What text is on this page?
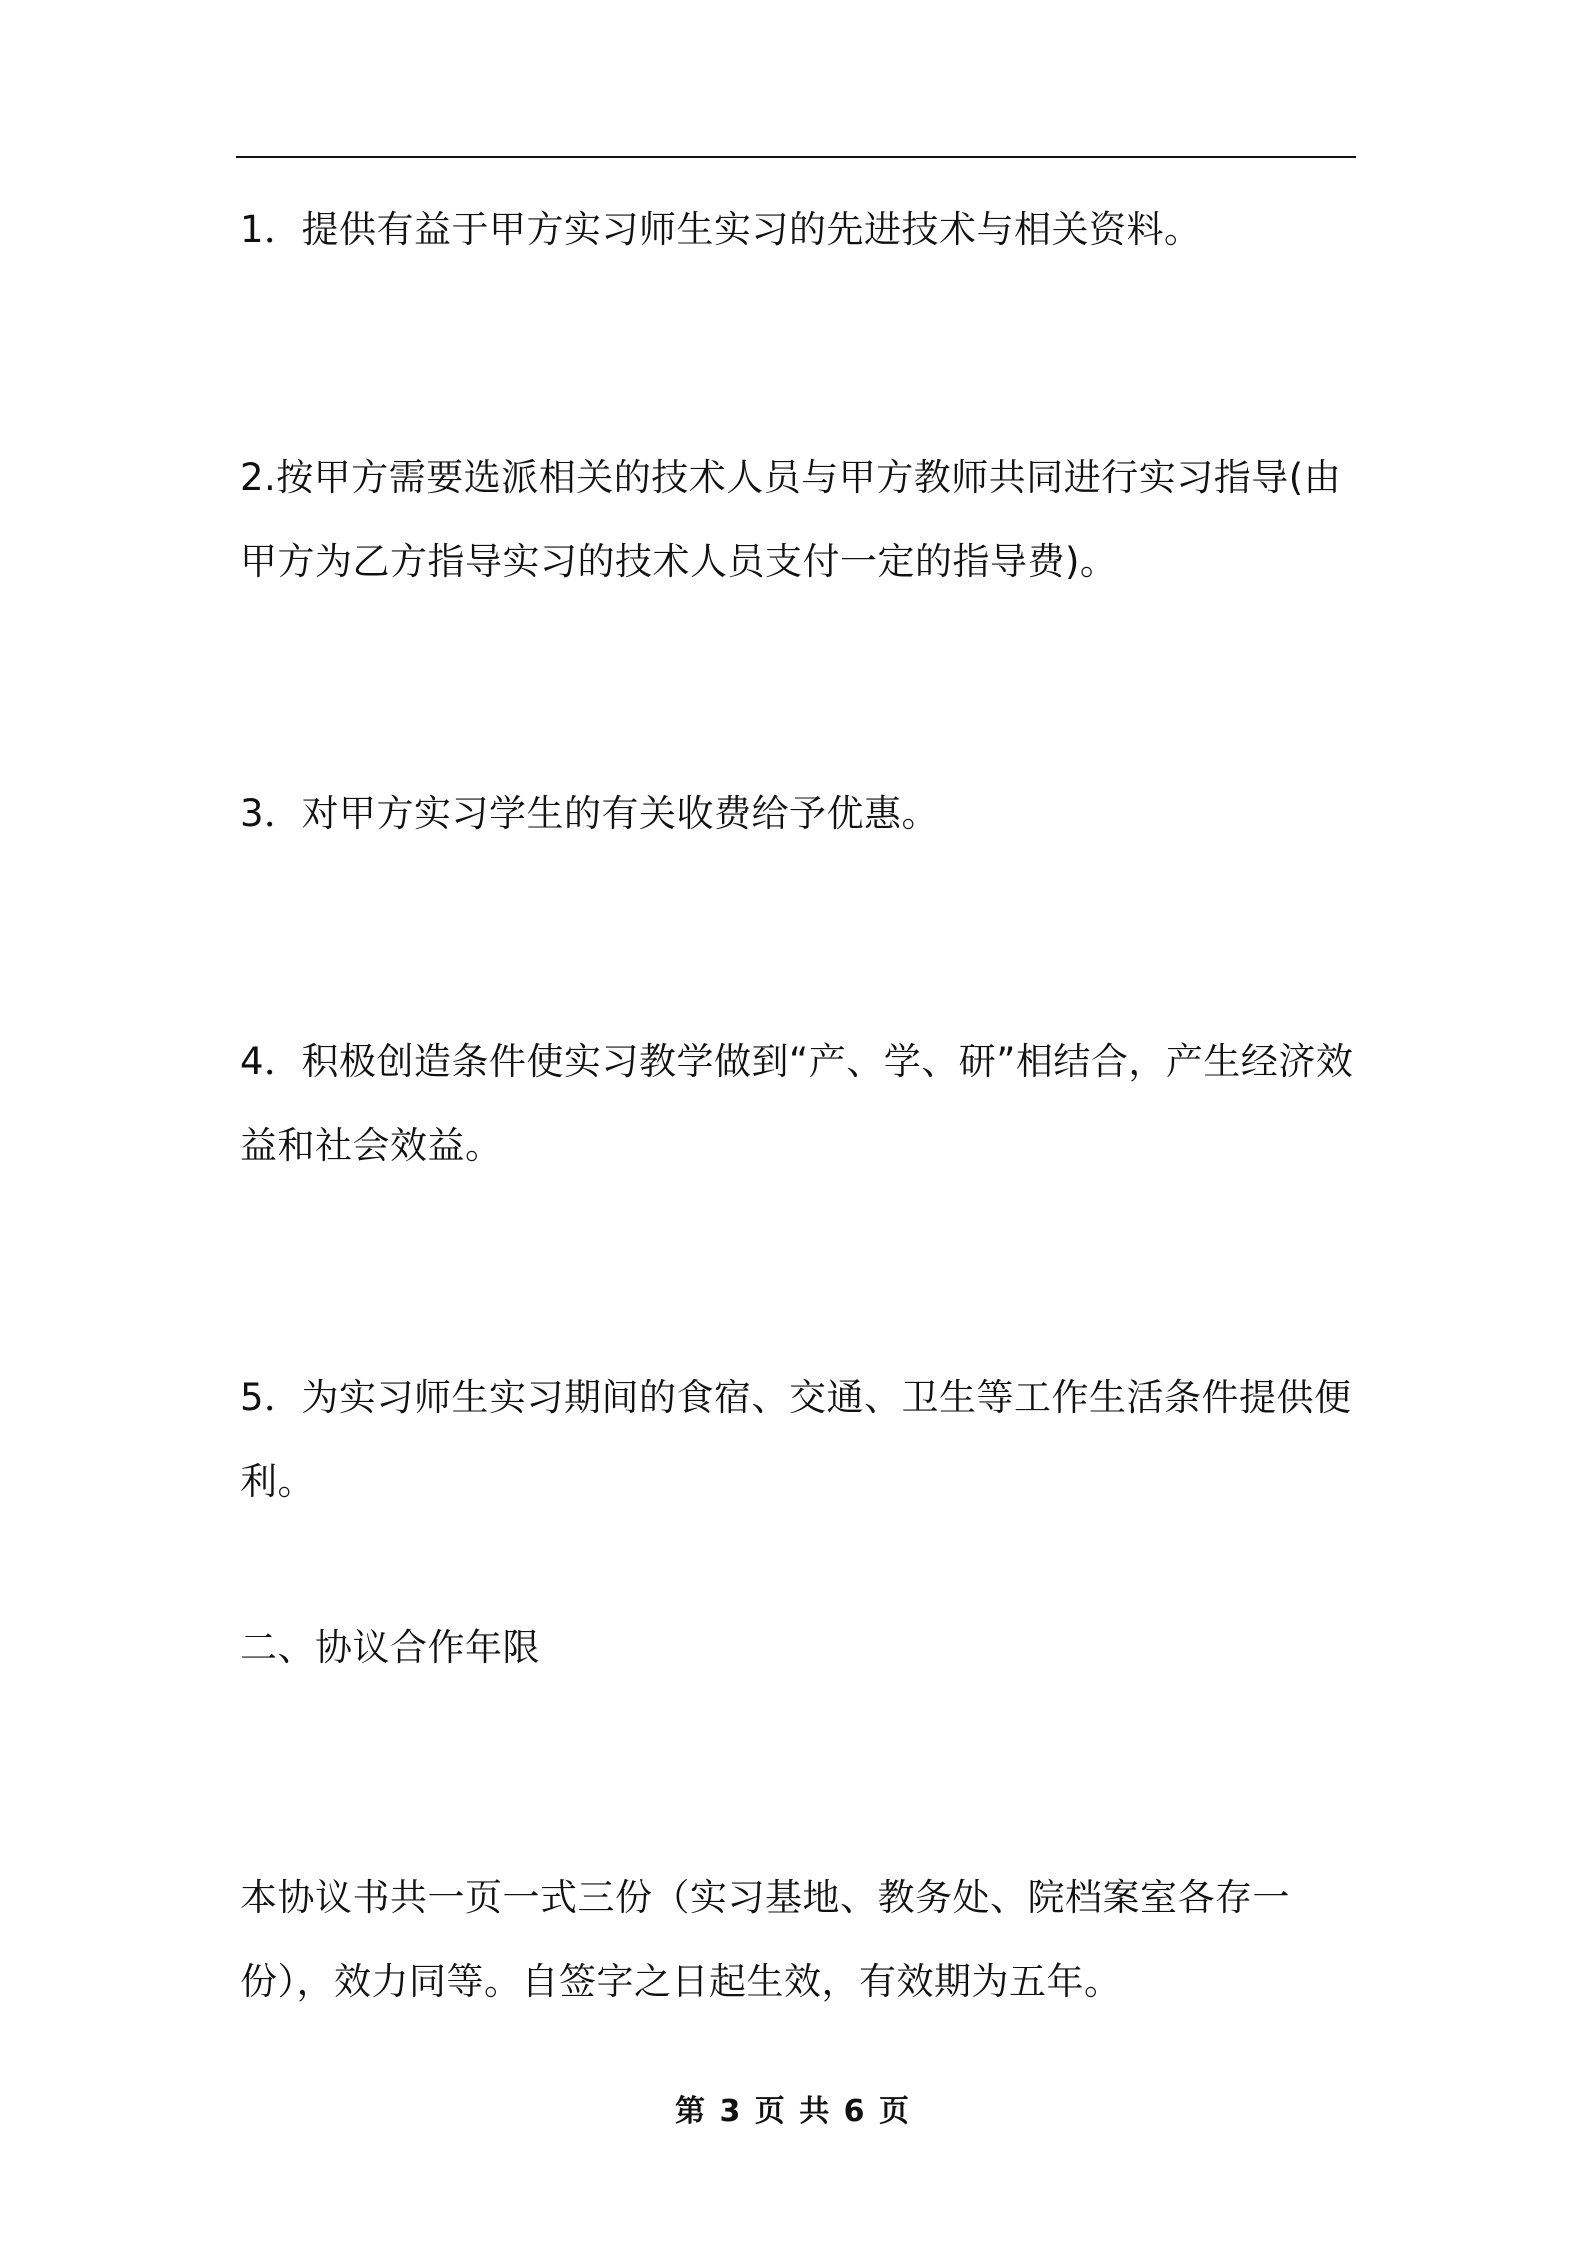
1．提供有益于甲方实习师生实习的先进技术与相关资料。

2.按甲方需要选派相关的技术人员与甲方教师共同进行实习指导(由甲方为乙方指导实习的技术人员支付一定的指导费)。

3．对甲方实习学生的有关收费给予优惠。

4．积极创造条件使实习教学做到“产、学、研”相结合，产生经济效益和社会效益。

5．为实习师生实习期间的食宿、交通、卫生等工作生活条件提供便利。

二、协议合作年限

本协议书共一页一式三份（实习基地、教务处、院档案室各存一份），效力同等。自签字之日起生效，有效期为五年。

第 3 页 共 6 页
